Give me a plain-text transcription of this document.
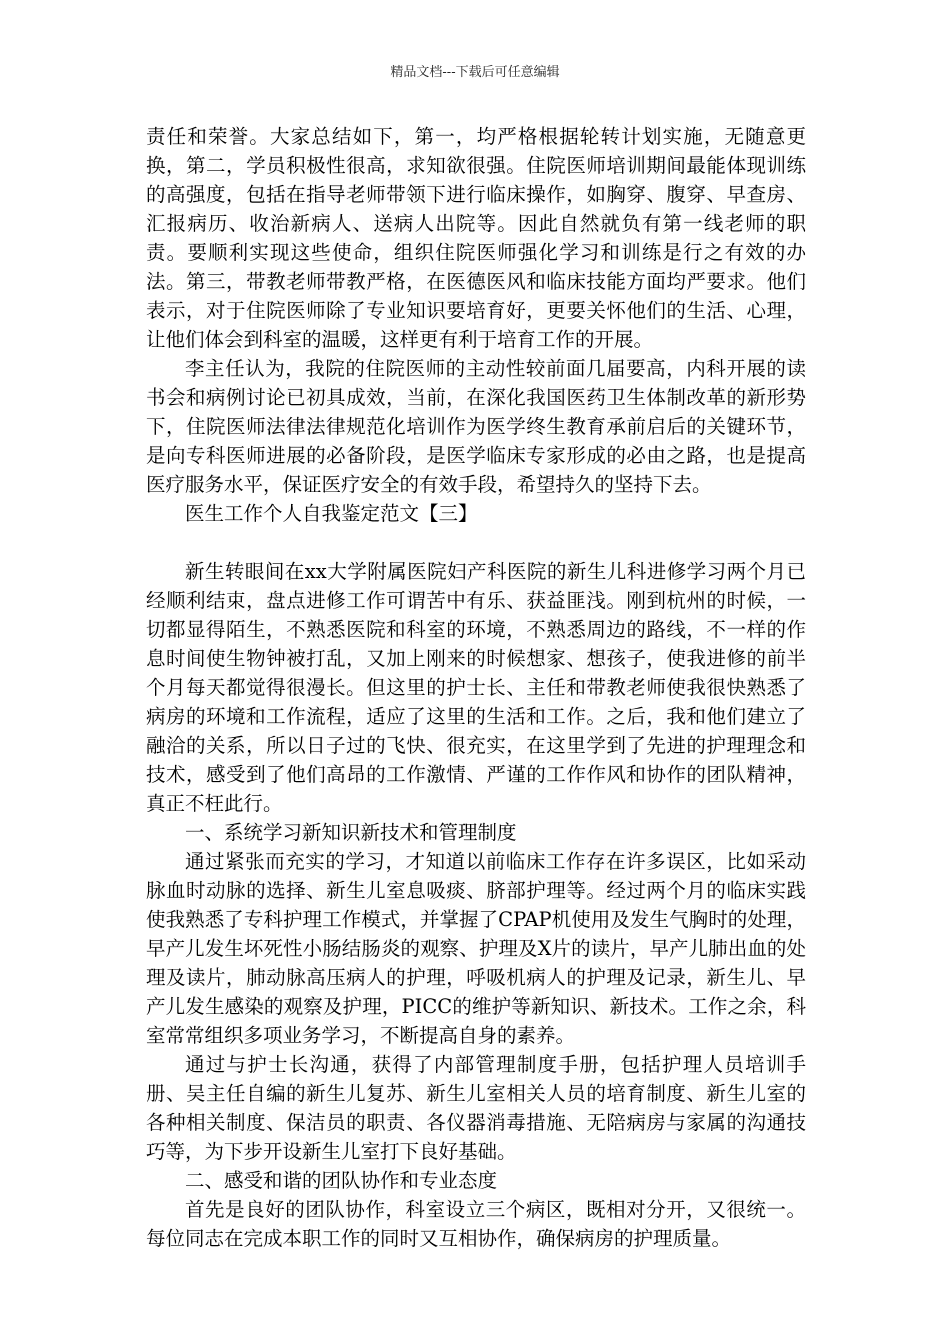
精品文档---下载后可任意编辑

责任和荣誉。大家总结如下，第一，均严格根据轮转计划实施，无随意更换，第二，学员积极性很高，求知欲很强。住院医师培训期间最能体现训练的高强度，包括在指导老师带领下进行临床操作，如胸穿、腹穿、早查房、汇报病历、收治新病人、送病人出院等。因此自然就负有第一线老师的职责。要顺利实现这些使命，组织住院医师强化学习和训练是行之有效的办法。第三，带教老师带教严格，在医德医风和临床技能方面均严要求。他们表示，对于住院医师除了专业知识要培育好，更要关怀他们的生活、心理，让他们体会到科室的温暖，这样更有利于培育工作的开展。

李主任认为，我院的住院医师的主动性较前面几届要高，内科开展的读书会和病例讨论已初具成效，当前，在深化我国医药卫生体制改革的新形势下，住院医师法律法律规范化培训作为医学终生教育承前启后的关键环节，是向专科医师进展的必备阶段，是医学临床专家形成的必由之路，也是提高医疗服务水平，保证医疗安全的有效手段，希望持久的坚持下去。

医生工作个人自我鉴定范文【三】

新生转眼间在xx大学附属医院妇产科医院的新生儿科进修学习两个月已经顺利结束，盘点进修工作可谓苦中有乐、获益匪浅。刚到杭州的时候，一切都显得陌生，不熟悉医院和科室的环境，不熟悉周边的路线，不一样的作息时间使生物钟被打乱，又加上刚来的时候想家、想孩子，使我进修的前半个月每天都觉得很漫长。但这里的护士长、主任和带教老师使我很快熟悉了病房的环境和工作流程，适应了这里的生活和工作。之后，我和他们建立了融洽的关系，所以日子过的飞快、很充实，在这里学到了先进的护理理念和技术，感受到了他们高昂的工作激情、严谨的工作作风和协作的团队精神，真正不枉此行。

一、系统学习新知识新技术和管理制度

通过紧张而充实的学习，才知道以前临床工作存在许多误区，比如采动脉血时动脉的选择、新生儿室息吸痰、脐部护理等。经过两个月的临床实践使我熟悉了专科护理工作模式，并掌握了CPAP机使用及发生气胸时的处理，早产儿发生坏死性小肠结肠炎的观察、护理及X片的读片，早产儿肺出血的处理及读片，肺动脉高压病人的护理，呼吸机病人的护理及记录，新生儿、早产儿发生感染的观察及护理，PICC的维护等新知识、新技术。工作之余，科室常常组织多项业务学习，不断提高自身的素养。

通过与护士长沟通，获得了内部管理制度手册，包括护理人员培训手册、吴主任自编的新生儿复苏、新生儿室相关人员的培育制度、新生儿室的各种相关制度、保洁员的职责、各仪器消毒措施、无陪病房与家属的沟通技巧等，为下步开设新生儿室打下良好基础。

二、感受和谐的团队协作和专业态度

首先是良好的团队协作，科室设立三个病区，既相对分开，又很统一。每位同志在完成本职工作的同时又互相协作，确保病房的护理质量。
